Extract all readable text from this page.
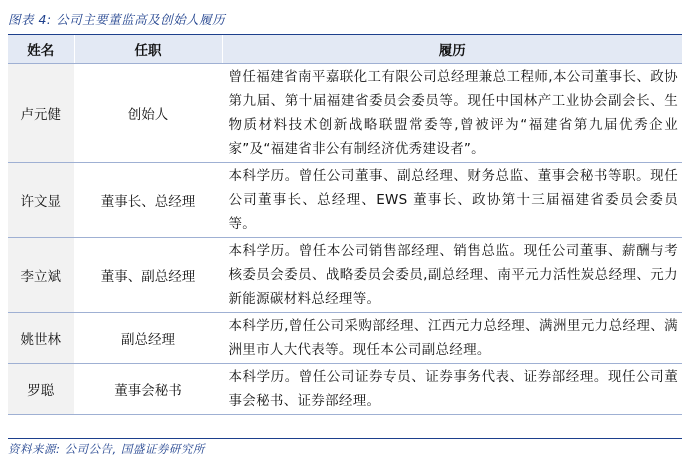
图表 4: 公司主要董监高及创始人履历
姓名	任职	履历
卢元健	创始人	曾任福建省南平嘉联化工有限公司总经理兼总工程师,本公司董事长、政协第九届、第十届福建省委员会委员等。现任中国林产工业协会副会长、生物质材料技术创新战略联盟常委等,曾被评为“福建省第九届优秀企业家”及“福建省非公有制经济优秀建设者”。
许文显	董事长、总经理	本科学历。曾任公司董事、副总经理、财务总监、董事会秘书等职。现任公司董事长、总经理、EWS 董事长、政协第十三届福建省委员会委员等。
李立斌	董事、副总经理	本科学历。曾任本公司销售部经理、销售总监。现任公司董事、薪酬与考核委员会委员、战略委员会委员,副总经理、南平元力活性炭总经理、元力新能源碳材料总经理等。
姚世林	副总经理	本科学历,曾任公司采购部经理、江西元力总经理、满洲里元力总经理、满洲里市人大代表等。现任本公司副总经理。
罗聪	董事会秘书	本科学历。曾任公司证券专员、证券事务代表、证券部经理。现任公司董事会秘书、证券部经理。
资料来源: 公司公告, 国盛证券研究所
